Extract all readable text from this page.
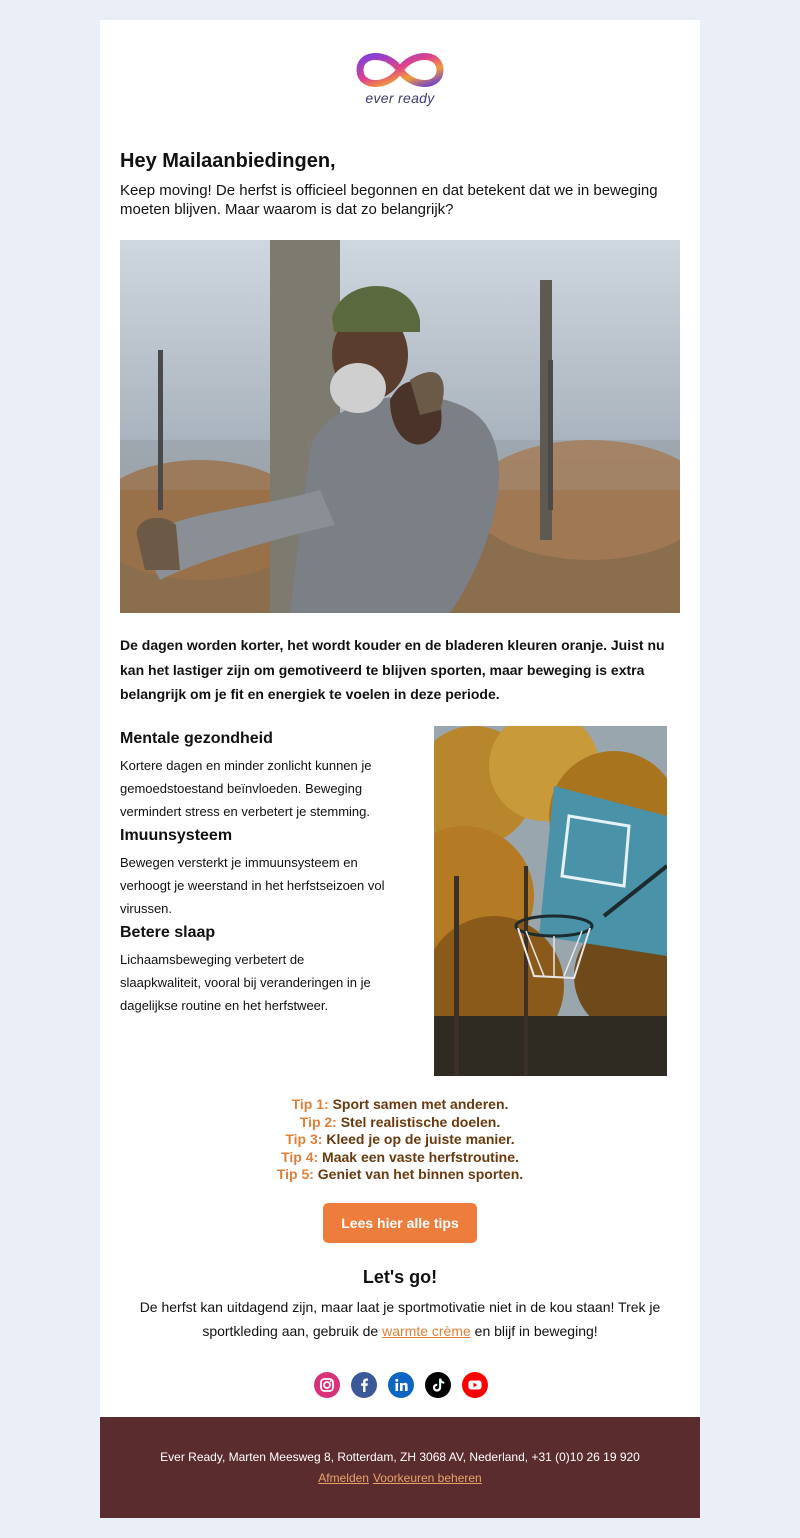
ever ready
Hey Mailaanbiedingen,

Keep moving! De herfst is officieel begonnen en dat betekent dat we in beweging moeten blijven. Maar waarom is dat zo belangrijk?

De dagen worden korter, het wordt kouder en de bladeren kleuren oranje. Juist nu kan het lastiger zijn om gemotiveerd te blijven sporten, maar beweging is extra belangrijk om je fit en energiek te voelen in deze periode.

Mentale gezondheid

Kortere dagen en minder zonlicht kunnen je gemoedstoestand beïnvloeden. Beweging vermindert stress en verbetert je stemming.

Imuunsysteem

Bewegen versterkt je immuunsysteem en verhoogt je weerstand in het herfstseizoen vol virussen.

Betere slaap

Lichaamsbeweging verbetert de slaapkwaliteit, vooral bij veranderingen in je dagelijkse routine en het herfstweer.

Tip 1: Sport samen met anderen.
Tip 2: Stel realistische doelen.
Tip 3: Kleed je op de juiste manier.
Tip 4: Maak een vaste herfstroutine.
Tip 5: Geniet van het binnen sporten.
Lees hier alle tips
Let's go!

De herfst kan uitdagend zijn, maar laat je sportmotivatie niet in de kou staan! Trek je sportkleding aan, gebruik de warmte crème en blijf in beweging!

Ever Ready, Marten Meesweg 8, Rotterdam, ZH 3068 AV, Nederland, +31 (0)10 26 19 920
Afmelden Voorkeuren beheren
